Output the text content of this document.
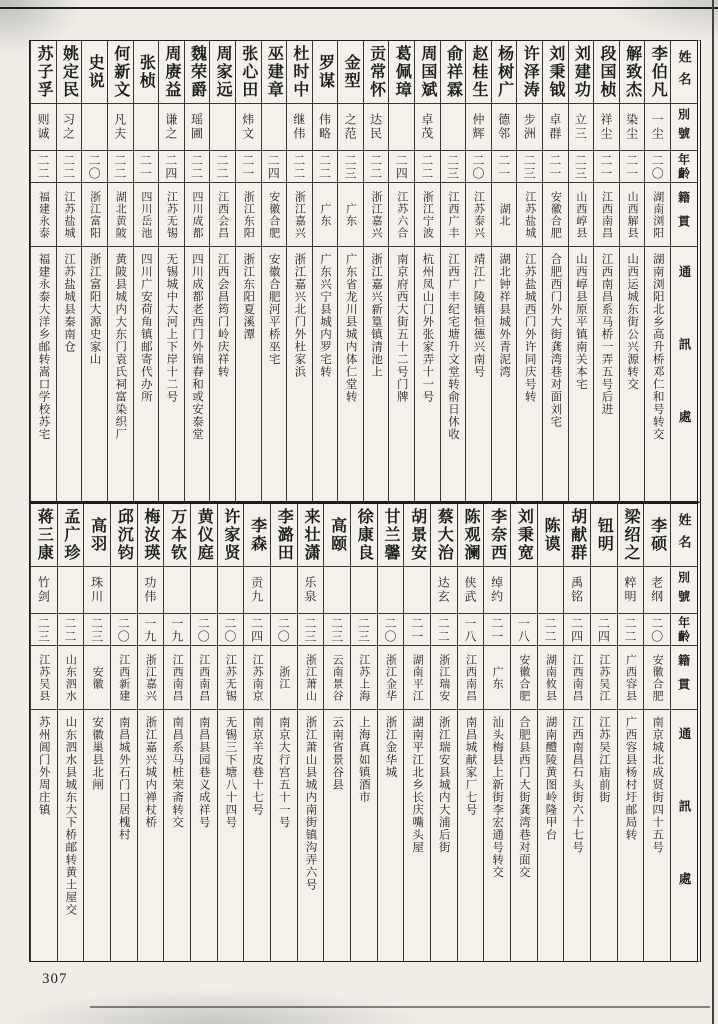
姓名
別號
年齡
籍貫
通訊處
李伯凡
一尘
二〇
湖南浏阳
湖南浏阳北乡高升桥邓仁和号转交
解致杰
染尘
二一
山西解县
山西运城东街公兴源转交
段国桢
祥尘
二一
江西南昌
江西南昌系马桥一弄五号后进
刘建功
立三
二三
山西崞县
山西崞县原平镇南关本宅
刘秉钺
卓群
二一
安徽合肥
合肥西门外大街龚湾巷对面刘宅
许泽涛
步洲
二三
江苏盐城
江苏盐城西门外许同庆号转
杨树广
德邻
二一
湖北
湖北钟祥县城外青泥湾
赵桂生
仲辉
二〇
江苏泰兴
靖江广陵镇恒德兴南号
俞祥霖
二三
江西广丰
江西广丰纪宅塘升文堂转俞日休收
周国斌
卓茂
二二
浙江宁波
杭州凤山门外张家弄十一号
葛佩璋
二四
江苏六合
南京府西大街五十二号门牌
贡常怀
达民
二二
浙江嘉兴
浙江嘉兴新篁镇清池上
金型
之范
二三
广东
广东省龙川县城内体仁堂转
罗谋
伟略
二二
广东
广东兴宁县城内罗宅转
杜时中
继伟
二二
浙江嘉兴
浙江嘉兴北门外杜家浜
巫建章
二四
安徽合肥
安徽合肥河平桥巫宅
张心田
炜文
二一
浙江东阳
浙江东阳夏溪潭
周家远
二二
江西会昌
江西会昌筠门岭庆祥转
魏荣爵
瑶圃
二二
四川成都
四川成都老西门外锦春和或安泰堂
周赓益
谦之
二四
江苏无锡
无锡城中大河上下岸十二号
张桢
二一
四川岳池
四川广安荷角镇邮寄代办所
何新文
凡夫
二二
湖北黄陂
黄陂县城内大东门袁氏祠富染织厂
史说
二〇
浙江富阳
浙江富阳大源史家山
姚定民
习之
二二
江苏盐城
江苏盐城县秦南仓
苏子孚
则诚
二二
福建永泰
福建永泰大洋乡邮转嵩口学校苏宅
姓名
別號
年齡
籍貫
通訊處
李硕
老纲
二〇
安徽合肥
南京城北成贤街四十五号
梁绍之
粹明
二二
广西容县
广西容县杨村圩邮局转
钮明
二四
江苏吴江
江苏吴江庙前街
胡献群
禹铭
二四
江西南昌
江西南昌石头街六十七号
陈谟
二二
湖南攸县
湖南醴陵黄图岭隆甲台
刘秉宽
一八
安徽合肥
合肥县西门大街龚湾巷对面交
李奈西
绰约
二一
广东
汕头梅县上新街李宏通号转交
陈观澜
侠武
一八
江西南昌
南昌城献家厂七号
蔡大治
达玄
二二
浙江瑞安
浙江瑞安县城内大浦后街
胡景安
二一
湖南平江
湖南平江北乡长庆嘴头屋
甘兰馨
二〇
浙江金华
浙江金华城
徐康良
二三
江苏上海
上海真如镇酒市
高颐
二三
云南景谷
云南省景谷县
来壮潇
乐泉
二三
浙江萧山
浙江萧山县城内南街镇沟弄六号
李潞田
二〇
浙江
南京大行宫五十一号
李森
贡九
二四
江苏南京
南京羊皮巷十七号
许家贤
二〇
江苏无锡
无锡三下塘八十四号
黄仪庭
二〇
江西南昌
南昌县园巷义成祥号
万本钦
一九
江西南昌
南昌系马桩荣斋转交
梅汝瑛
功伟
一九
浙江嘉兴
浙江嘉兴城内禅杖桥
邱沉钧
二〇
江西新建
南昌城外石门口居槐村
高羽
珠川
二三
安徽
安徽巢县北闸
孟广珍
二二
山东泗水
山东泗水县城东大下桥邮转黄土屋交
蒋三康
竹剑
二三
江苏吴县
苏州阊门外周庄镇
307
